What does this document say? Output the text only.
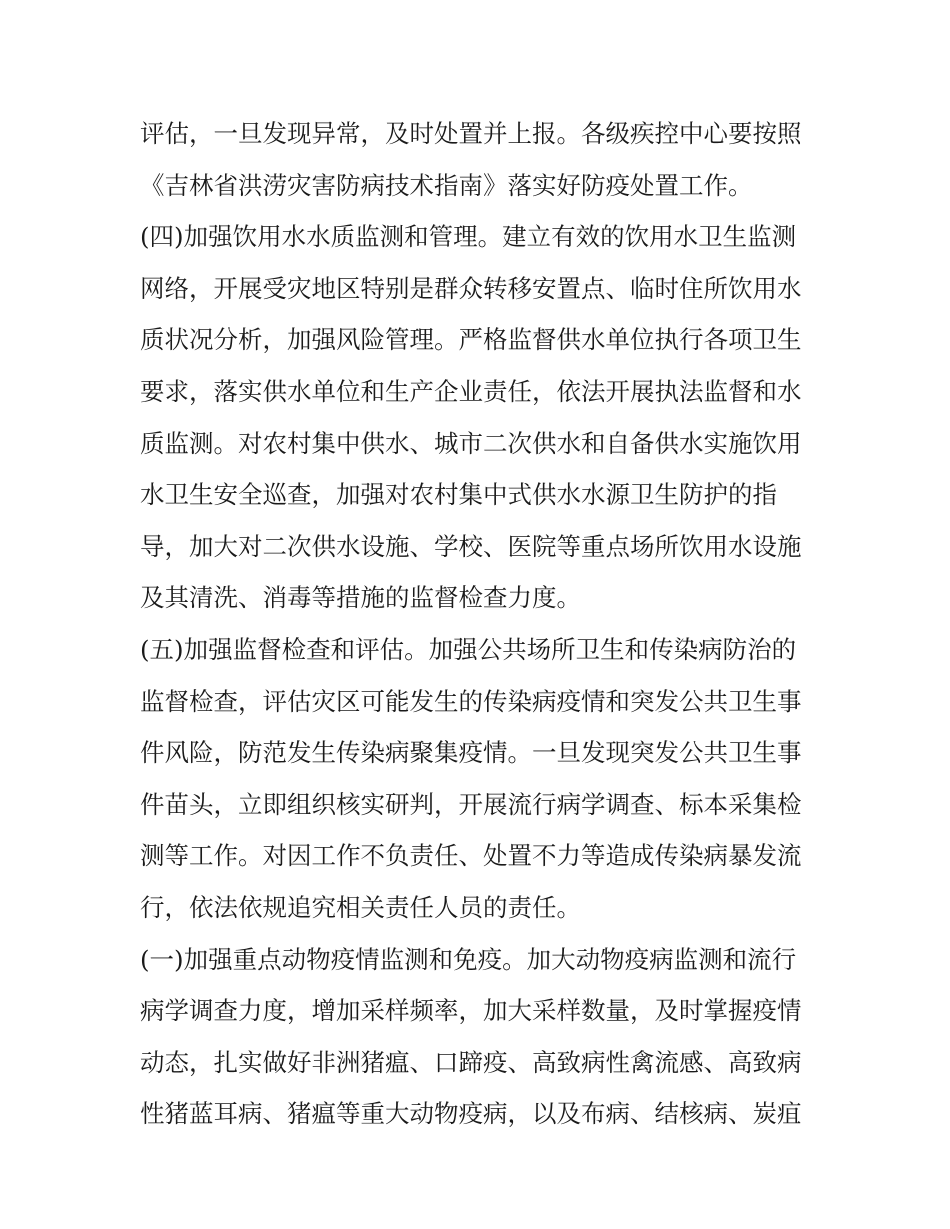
评估，一旦发现异常，及时处置并上报。各级疾控中心要按照
《吉林省洪涝灾害防病技术指南》落实好防疫处置工作。
(四)加强饮用水水质监测和管理。建立有效的饮用水卫生监测
网络，开展受灾地区特别是群众转移安置点、临时住所饮用水
质状况分析，加强风险管理。严格监督供水单位执行各项卫生
要求，落实供水单位和生产企业责任，依法开展执法监督和水
质监测。对农村集中供水、城市二次供水和自备供水实施饮用
水卫生安全巡查，加强对农村集中式供水水源卫生防护的指
导，加大对二次供水设施、学校、医院等重点场所饮用水设施
及其清洗、消毒等措施的监督检查力度。
(五)加强监督检查和评估。加强公共场所卫生和传染病防治的
监督检查，评估灾区可能发生的传染病疫情和突发公共卫生事
件风险，防范发生传染病聚集疫情。一旦发现突发公共卫生事
件苗头，立即组织核实研判，开展流行病学调查、标本采集检
测等工作。对因工作不负责任、处置不力等造成传染病暴发流
行，依法依规追究相关责任人员的责任。
(一)加强重点动物疫情监测和免疫。加大动物疫病监测和流行
病学调查力度，增加采样频率，加大采样数量，及时掌握疫情
动态，扎实做好非洲猪瘟、口蹄疫、高致病性禽流感、高致病
性猪蓝耳病、猪瘟等重大动物疫病，以及布病、结核病、炭疽
